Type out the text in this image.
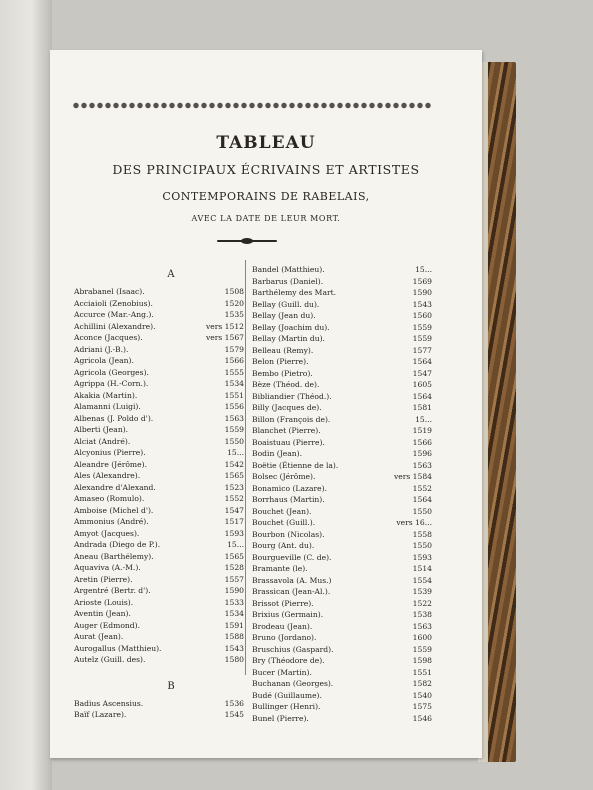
TABLEAU
DES PRINCIPAUX ÉCRIVAINS ET ARTISTES
CONTEMPORAINS DE RABELAIS,
AVEC LA DATE DE LEUR MORT.
A
Abrabanel (Isaac).	1508
Acciaioli (Zenobius).	1520
Accurce (Mar.-Ang.).	1535
Achillini (Alexandre).	vers 1512
Aconce (Jacques).	vers 1567
Adriani (J.-B.).	1579
Agricola (Jean).	1566
Agricola (Georges).	1555
Agrippa (H.-Corn.).	1534
Akakia (Martin).	1551
Alamanni (Luigi).	1556
Albenas (J. Poldo d').	1563
Alberti (Jean).	1559
Alciat (André).	1550
Alcyonius (Pierre).	15...
Aleandre (Jérôme).	1542
Ales (Alexandre).	1565
Alexandre d'Alexand.	1523
Amaseo (Romulo).	1552
Amboise (Michel d').	1547
Ammonius (André).	1517
Amyot (Jacques).	1593
Andrada (Diego de P.).	15...
Aneau (Barthélemy).	1565
Aquaviva (A.-M.).	1528
Aretin (Pierre).	1557
Argentré (Bertr. d').	1590
Arioste (Louis).	1533
Aventin (Jean).	1534
Auger (Edmond).	1591
Aurat (Jean).	1588
Aurogallus (Matthieu).	1543
Autelz (Guill. des).	1580
B
Badius Ascensius.	1536
Baïf (Lazare).	1545
Bandel (Matthieu).	15...
Barbarus (Daniel).	1569
Barthélemy des Mart.	1590
Bellay (Guill. du).	1543
Bellay (Jean du).	1560
Bellay (Joachim du).	1559
Bellay (Martin du).	1559
Belleau (Remy).	1577
Belon (Pierre).	1564
Bembo (Pietro).	1547
Bèze (Théod. de).	1605
Bibliandier (Théod.).	1564
Billy (Jacques de).	1581
Billon (François de).	15...
Blanchet (Pierre).	1519
Boaistuau (Pierre).	1566
Bodin (Jean).	1596
Boëtie (Étienne de la).	1563
Bolsec (Jérôme).	vers 1584
Bonamico (Lazare).	1552
Borrhaus (Martin).	1564
Bouchet (Jean).	1550
Bouchet (Guill.).	vers 16...
Bourbon (Nicolas).	1558
Bourg (Ant. du).	1550
Bourgueville (C. de).	1593
Bramante (le).	1514
Brassavola (A. Mus.)	1554
Brassican (Jean-Al.).	1539
Brissot (Pierre).	1522
Brixius (Germain).	1538
Brodeau (Jean).	1563
Bruno (Jordano).	1600
Bruschius (Gaspard).	1559
Bry (Théodore de).	1598
Bucer (Martin).	1551
Buchanan (Georges).	1582
Budé (Guillaume).	1540
Bullinger (Henri).	1575
Bunel (Pierre).	1546
